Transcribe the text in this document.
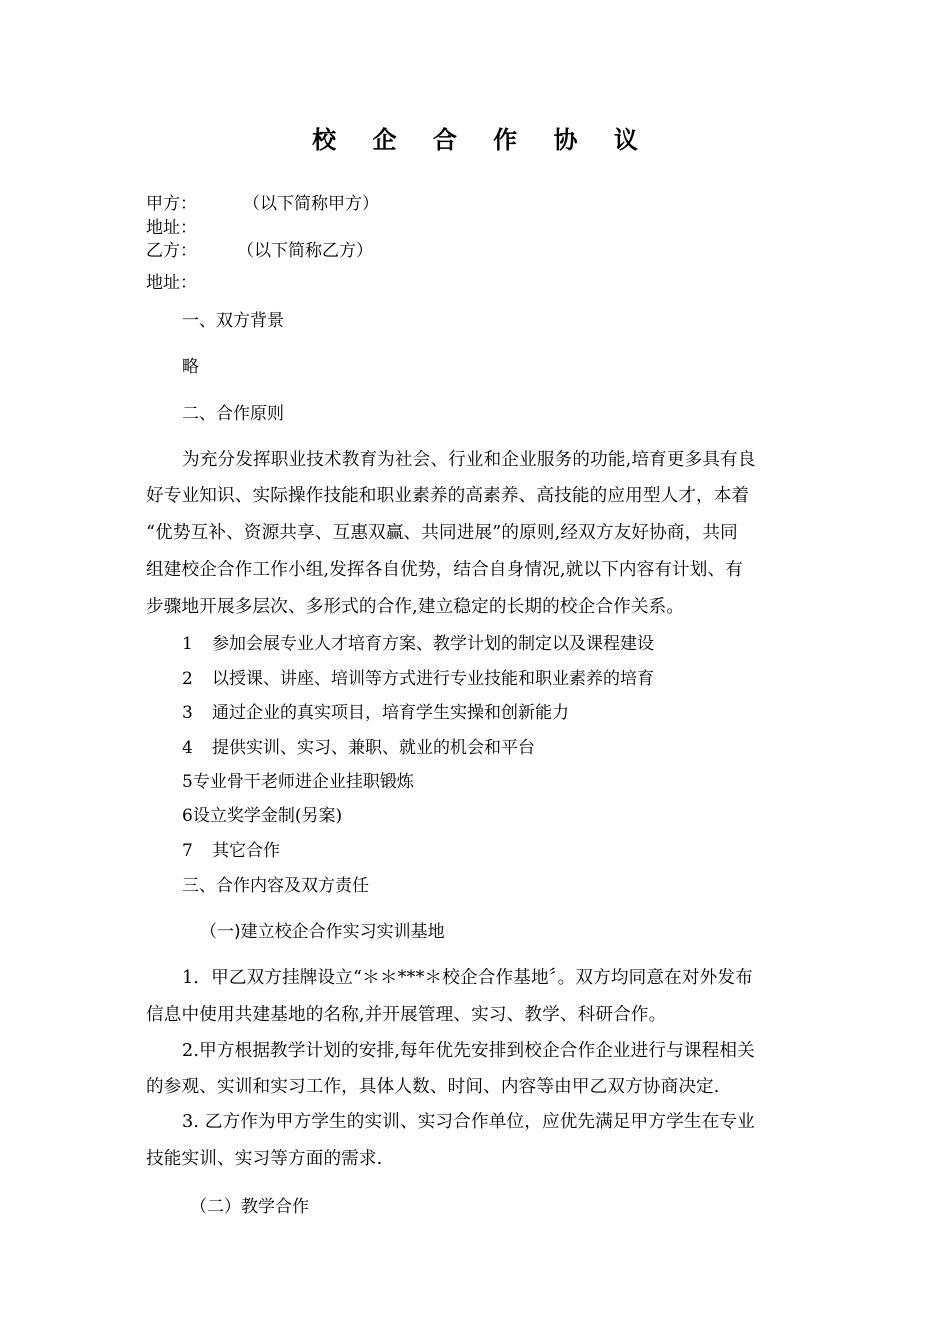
校 企 合 作 协 议
甲方：	（以下简称甲方）
地址：
乙方： （以下简称乙方）
地址：
一、双方背景
略
二、合作原则
为充分发挥职业技术教育为社会、行业和企业服务的功能,培育更多具有良
好专业知识、实际操作技能和职业素养的高素养、高技能的应用型人才，本着
“优势互补、资源共享、互惠双赢、共同进展”的原则,经双方友好协商，共同
组建校企合作工作小组,发挥各自优势，结合自身情况,就以下内容有计划、有
步骤地开展多层次、多形式的合作,建立稳定的长期的校企合作关系。
1 参加会展专业人才培育方案、教学计划的制定以及课程建设
2 以授课、讲座、培训等方式进行专业技能和职业素养的培育
3 通过企业的真实项目，培育学生实操和创新能力
4 提供实训、实习、兼职、就业的机会和平台
5专业骨干老师进企业挂职锻炼
6设立奖学金制(另案)
7 其它合作
三、合作内容及双方责任
（一)建立校企合作实习实训基地
1．甲乙双方挂牌设立“＊＊***＊校企合作基地〞。双方均同意在对外发布
信息中使用共建基地的名称,并开展管理、实习、教学、科研合作。
2.甲方根据教学计划的安排,每年优先安排到校企合作企业进行与课程相关
的参观、实训和实习工作，具体人数、时间、内容等由甲乙双方协商决定.
3. 乙方作为甲方学生的实训、实习合作单位，应优先满足甲方学生在专业
技能实训、实习等方面的需求.
（二）教学合作
